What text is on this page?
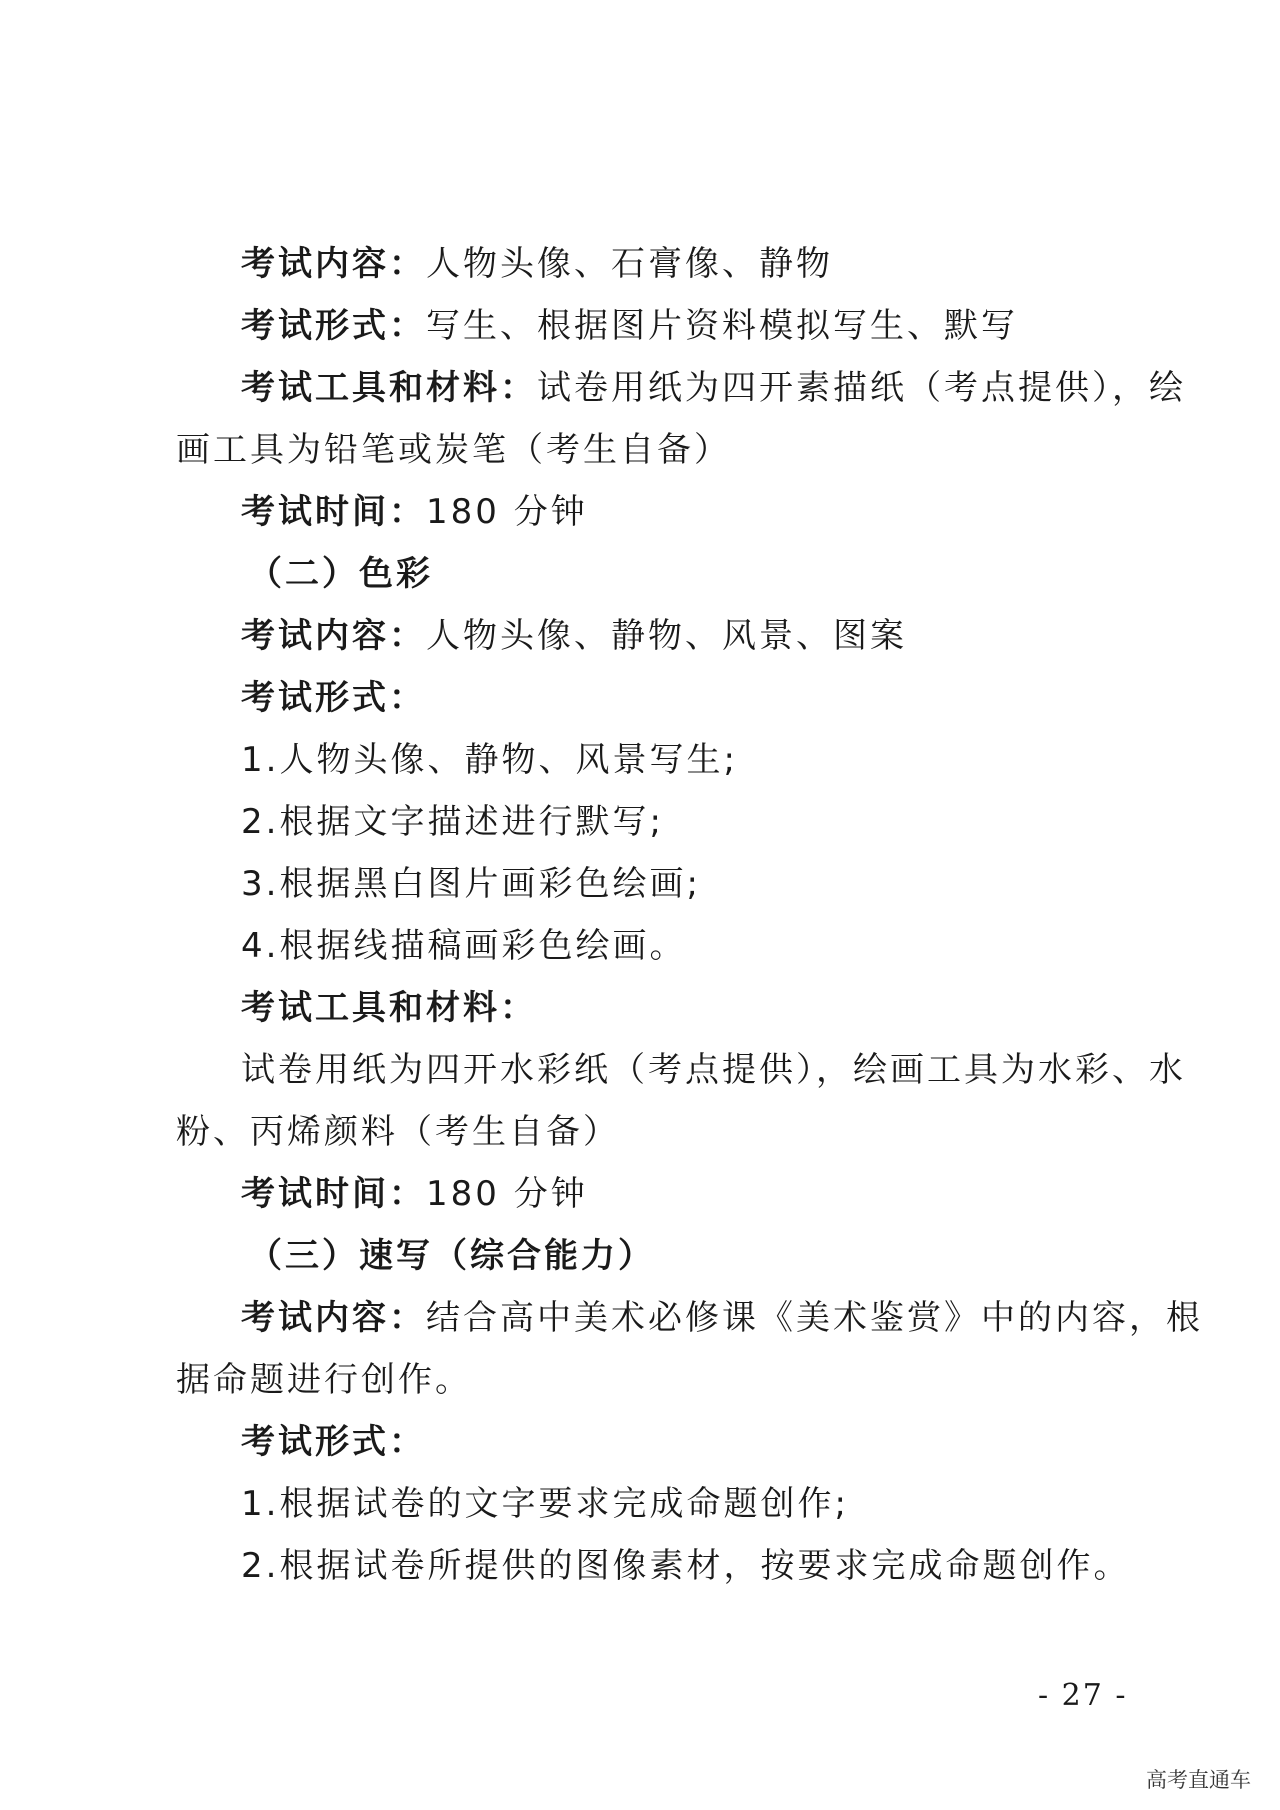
考试内容：人物头像、石膏像、静物
考试形式：写生、根据图片资料模拟写生、默写
考试工具和材料：试卷用纸为四开素描纸（考点提供），绘
画工具为铅笔或炭笔（考生自备）
考试时间：180 分钟
（二）色彩
考试内容：人物头像、静物、风景、图案
考试形式：
1.人物头像、静物、风景写生;
2.根据文字描述进行默写;
3.根据黑白图片画彩色绘画;
4.根据线描稿画彩色绘画。
考试工具和材料：
试卷用纸为四开水彩纸（考点提供），绘画工具为水彩、水
粉、丙烯颜料（考生自备）
考试时间：180 分钟
（三）速写（综合能力）
考试内容：结合高中美术必修课《美术鉴赏》中的内容，根
据命题进行创作。
考试形式：
1.根据试卷的文字要求完成命题创作;
2.根据试卷所提供的图像素材，按要求完成命题创作。
- 27 -
高考直通车
